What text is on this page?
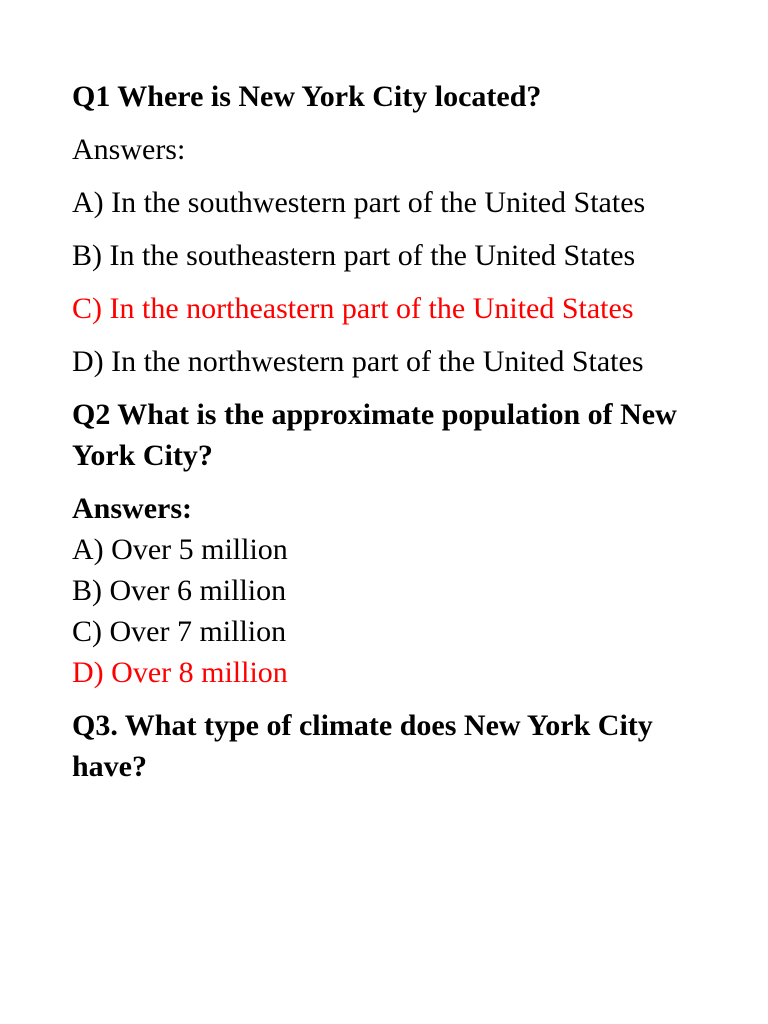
Q1 Where is New York City located?

Answers:

A) In the southwestern part of the United States

B) In the southeastern part of the United States

C) In the northeastern part of the United States

D) In the northwestern part of the United States

Q2 What is the approximate population of New York City?

Answers:

A) Over 5 million

B) Over 6 million

C) Over 7 million

D) Over 8 million

Q3. What type of climate does New York City have?
